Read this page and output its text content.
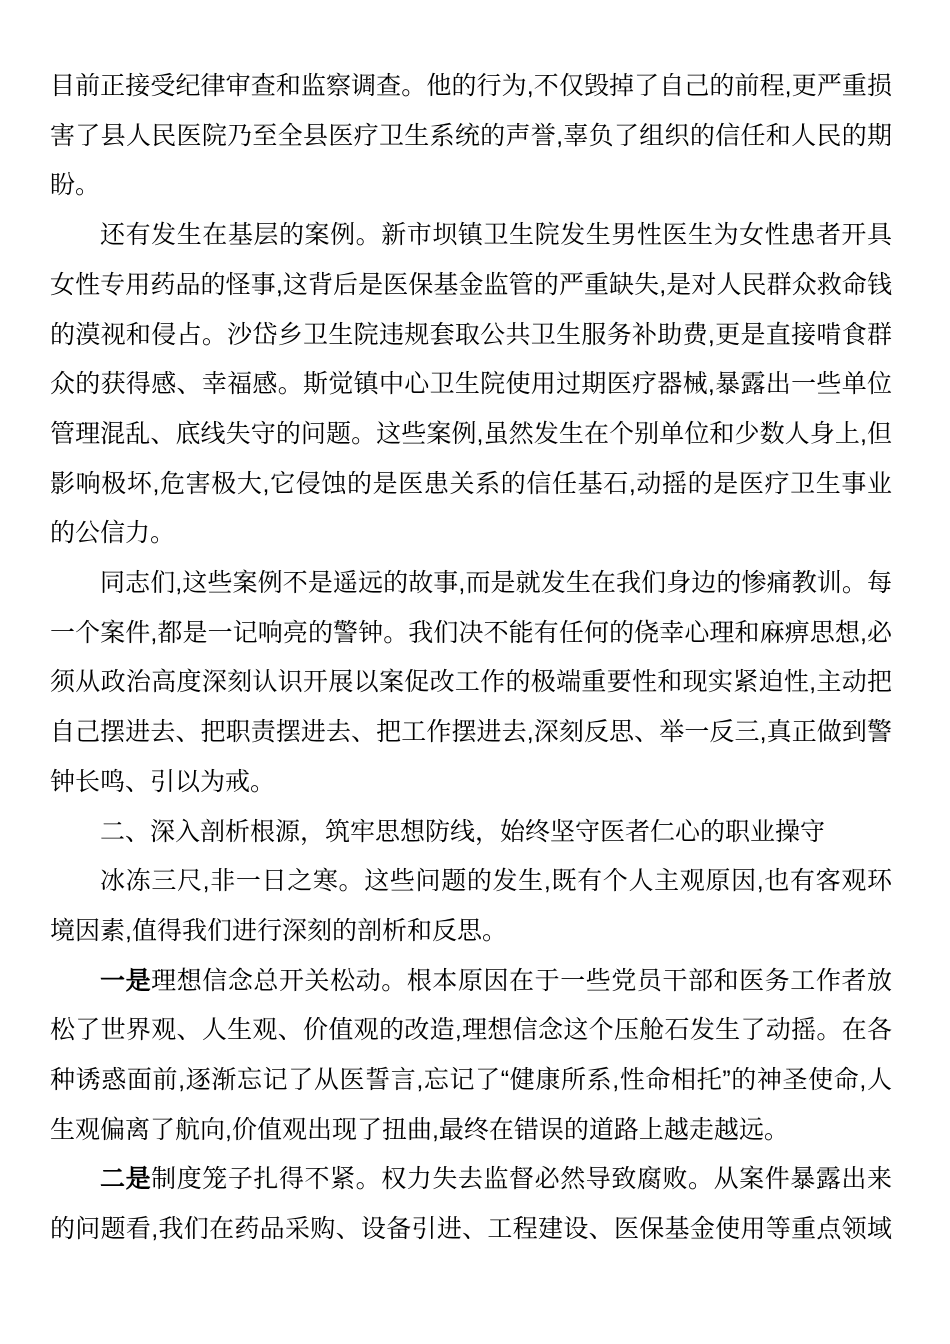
目前正接受纪律审查和监察调查。他的行为,不仅毁掉了自己的前程,更严重损害了县人民医院乃至全县医疗卫生系统的声誉,辜负了组织的信任和人民的期盼。

还有发生在基层的案例。新市坝镇卫生院发生男性医生为女性患者开具女性专用药品的怪事,这背后是医保基金监管的严重缺失,是对人民群众救命钱的漠视和侵占。沙岱乡卫生院违规套取公共卫生服务补助费,更是直接啃食群众的获得感、幸福感。斯觉镇中心卫生院使用过期医疗器械,暴露出一些单位管理混乱、底线失守的问题。这些案例,虽然发生在个别单位和少数人身上,但影响极坏,危害极大,它侵蚀的是医患关系的信任基石,动摇的是医疗卫生事业的公信力。

同志们,这些案例不是遥远的故事,而是就发生在我们身边的惨痛教训。每一个案件,都是一记响亮的警钟。我们决不能有任何的侥幸心理和麻痹思想,必须从政治高度深刻认识开展以案促改工作的极端重要性和现实紧迫性,主动把自己摆进去、把职责摆进去、把工作摆进去,深刻反思、举一反三,真正做到警钟长鸣、引以为戒。

二、深入剖析根源，筑牢思想防线，始终坚守医者仁心的职业操守

冰冻三尺,非一日之寒。这些问题的发生,既有个人主观原因,也有客观环境因素,值得我们进行深刻的剖析和反思。

一是理想信念总开关松动。根本原因在于一些党员干部和医务工作者放松了世界观、人生观、价值观的改造,理想信念这个压舱石发生了动摇。在各种诱惑面前,逐渐忘记了从医誓言,忘记了“健康所系,性命相托”的神圣使命,人生观偏离了航向,价值观出现了扭曲,最终在错误的道路上越走越远。

二是制度笼子扎得不紧。权力失去监督必然导致腐败。从案件暴露出来的问题看,我们在药品采购、设备引进、工程建设、医保基金使用等重点领域
